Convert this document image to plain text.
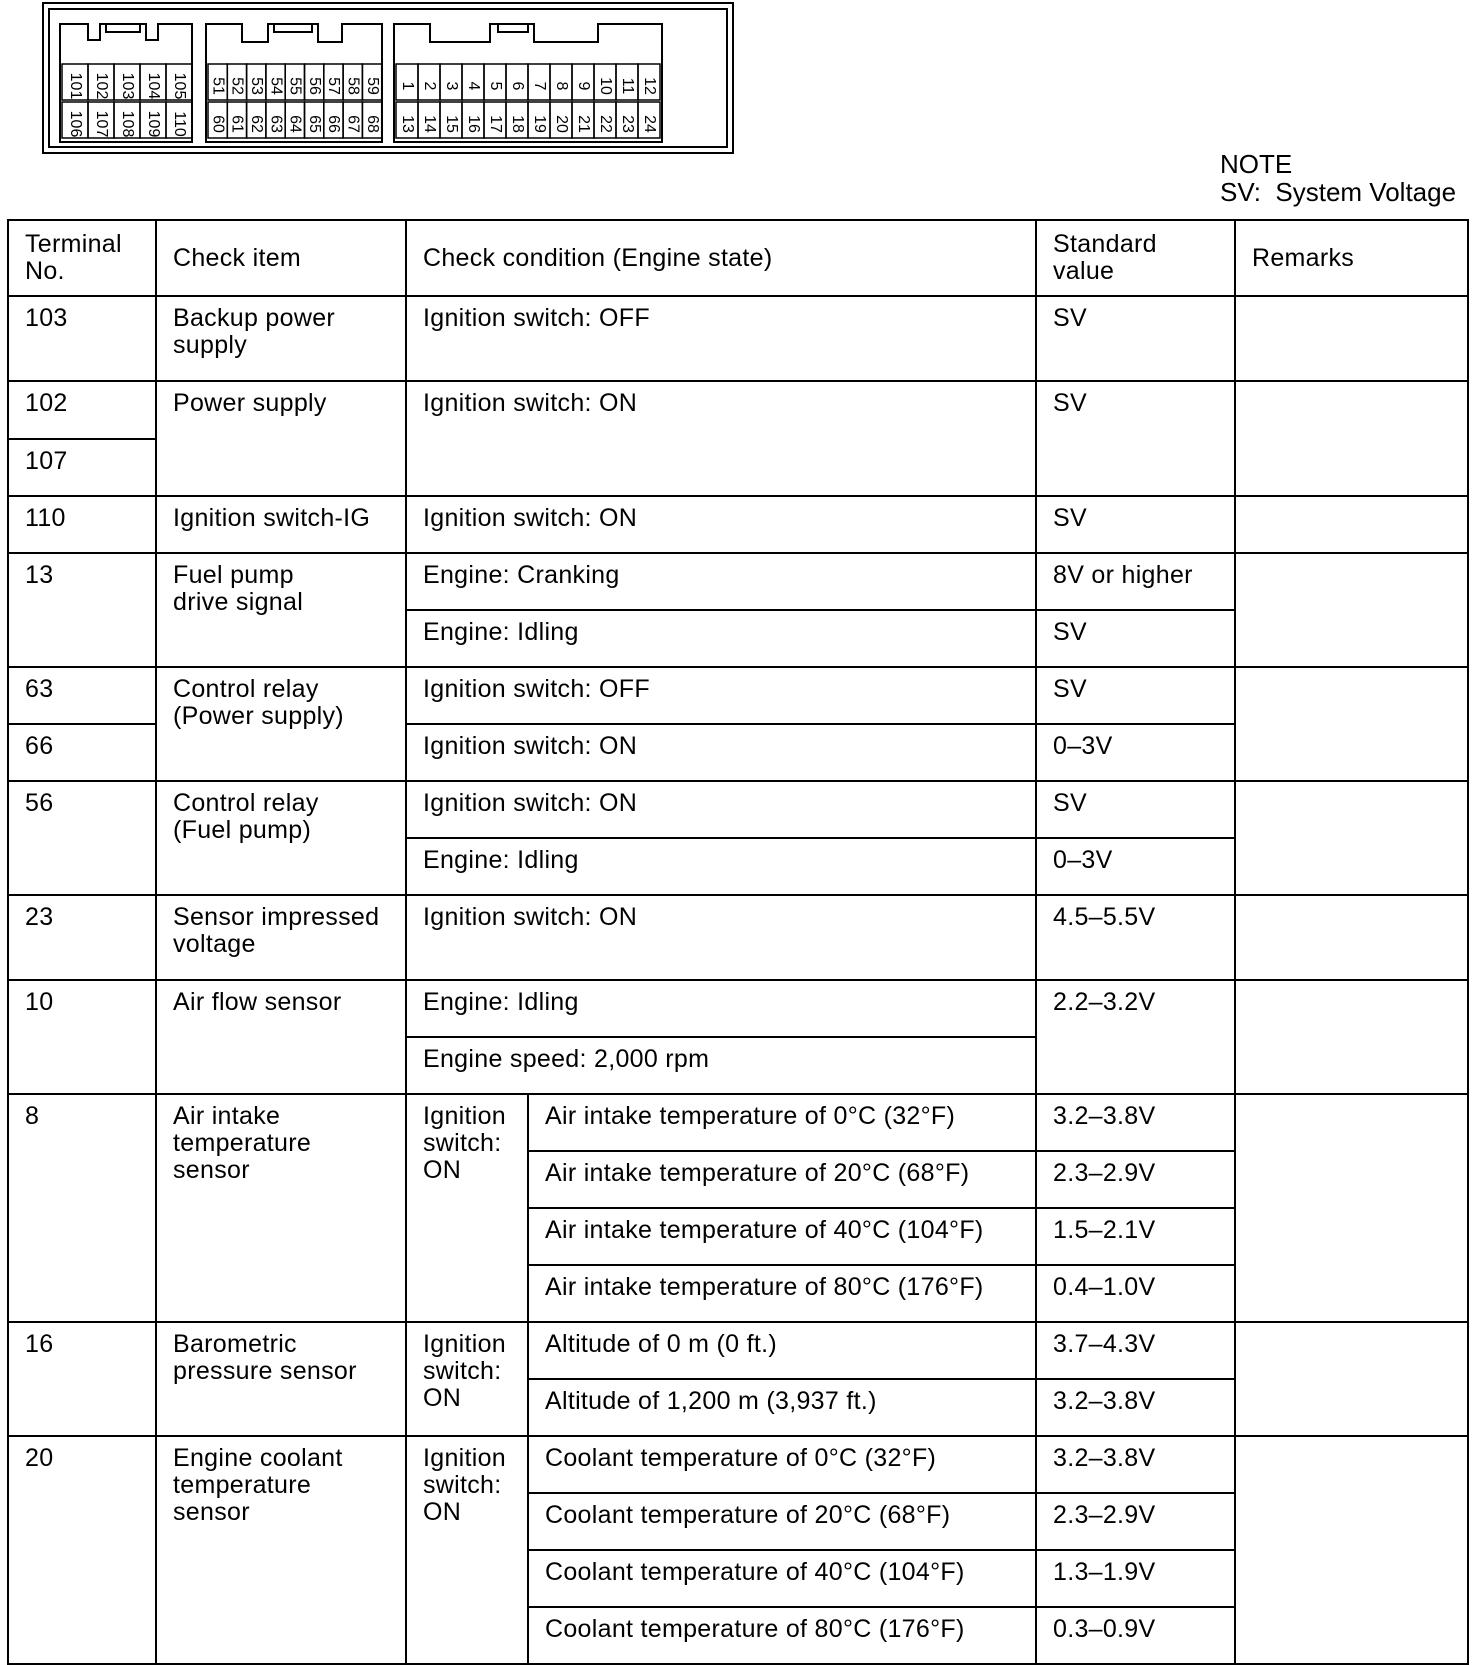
101 102 103 104 105
106 107 108 109 110
51 52 53 54 55 56 57 58 59
60 61 62 63 64 65 66 67 68
1 2 3 4 5 6 7 8 9 10 11 12
13 14 15 16 17 18 19 20 21 22 23 24
NOTE
SV:  System Voltage
Terminal
No.	Check item	Check condition (Engine state)		Standard
value	Remarks
103	Backup power
supply	Ignition switch: OFF		SV	
102	Power supply	Ignition switch: ON		SV	
107					
110	Ignition switch-IG	Ignition switch: ON		SV	
13	Fuel pump
drive signal	Engine: Cranking		8V or higher	
		Engine: Idling		SV	
63	Control relay
(Power supply)	Ignition switch: OFF		SV	
66		Ignition switch: ON		0–3V	
56	Control relay
(Fuel pump)	Ignition switch: ON		SV	
		Engine: Idling		0–3V	
23	Sensor impressed
voltage	Ignition switch: ON		4.5–5.5V	
10	Air flow sensor	Engine: Idling		2.2–3.2V	
		Engine speed: 2,000 rpm			
8	Air intake
temperature
sensor	Ignition
switch:
ON	Air intake temperature of 0°C (32°F)	3.2–3.8V	
			Air intake temperature of 20°C (68°F)	2.3–2.9V	
			Air intake temperature of 40°C (104°F)	1.5–2.1V	
			Air intake temperature of 80°C (176°F)	0.4–1.0V	
16	Barometric
pressure sensor	Ignition
switch:
ON	Altitude of 0 m (0 ft.)	3.7–4.3V	
			Altitude of 1,200 m (3,937 ft.)	3.2–3.8V	
20	Engine coolant
temperature
sensor	Ignition
switch:
ON	Coolant temperature of 0°C (32°F)	3.2–3.8V	
			Coolant temperature of 20°C (68°F)	2.3–2.9V	
			Coolant temperature of 40°C (104°F)	1.3–1.9V	
			Coolant temperature of 80°C (176°F)	0.3–0.9V	
